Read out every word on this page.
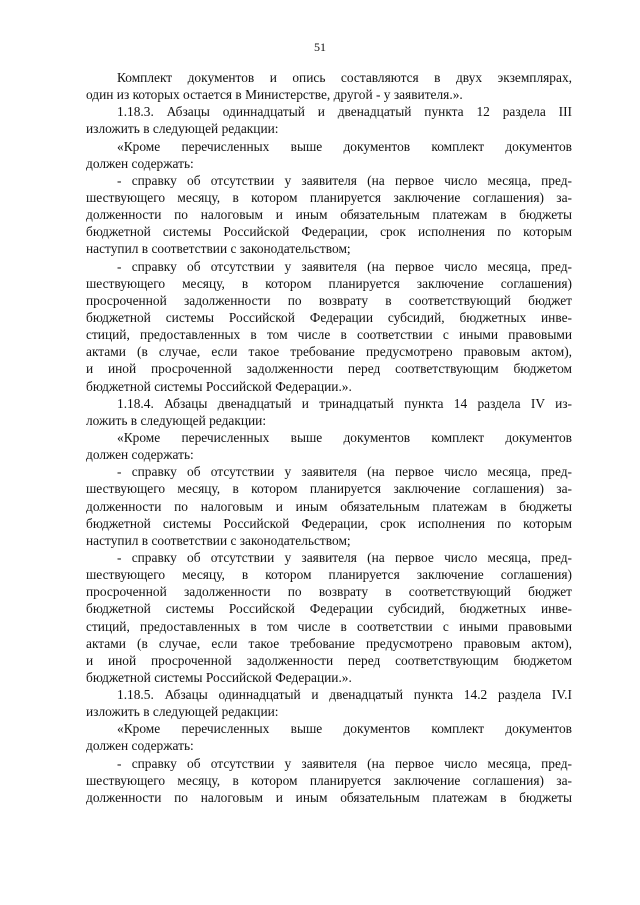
51
Комплект документов и опись составляются в двух экземплярах,
один из которых остается в Министерстве, другой - у заявителя.».
1.18.3. Абзацы одиннадцатый и двенадцатый пункта 12 раздела III
изложить в следующей редакции:
«Кроме перечисленных выше документов комплект документов
должен содержать:
- справку об отсутствии у заявителя (на первое число месяца, пред-
шествующего месяцу, в котором планируется заключение соглашения) за-
долженности по налоговым и иным обязательным платежам в бюджеты
бюджетной системы Российской Федерации, срок исполнения по которым
наступил в соответствии с законодательством;
- справку об отсутствии у заявителя (на первое число месяца, пред-
шествующего месяцу, в котором планируется заключение соглашения)
просроченной задолженности по возврату в соответствующий бюджет
бюджетной системы Российской Федерации субсидий, бюджетных инве-
стиций, предоставленных в том числе в соответствии с иными правовыми
актами (в случае, если такое требование предусмотрено правовым актом),
и иной просроченной задолженности перед соответствующим бюджетом
бюджетной системы Российской Федерации.».
1.18.4. Абзацы двенадцатый и тринадцатый пункта 14 раздела IV из-
ложить в следующей редакции:
«Кроме перечисленных выше документов комплект документов
должен содержать:
- справку об отсутствии у заявителя (на первое число месяца, пред-
шествующего месяцу, в котором планируется заключение соглашения) за-
долженности по налоговым и иным обязательным платежам в бюджеты
бюджетной системы Российской Федерации, срок исполнения по которым
наступил в соответствии с законодательством;
- справку об отсутствии у заявителя (на первое число месяца, пред-
шествующего месяцу, в котором планируется заключение соглашения)
просроченной задолженности по возврату в соответствующий бюджет
бюджетной системы Российской Федерации субсидий, бюджетных инве-
стиций, предоставленных в том числе в соответствии с иными правовыми
актами (в случае, если такое требование предусмотрено правовым актом),
и иной просроченной задолженности перед соответствующим бюджетом
бюджетной системы Российской Федерации.».
1.18.5. Абзацы одиннадцатый и двенадцатый пункта 14.2 раздела IV.I
изложить в следующей редакции:
«Кроме перечисленных выше документов комплект документов
должен содержать:
- справку об отсутствии у заявителя (на первое число месяца, пред-
шествующего месяцу, в котором планируется заключение соглашения) за-
долженности по налоговым и иным обязательным платежам в бюджеты
